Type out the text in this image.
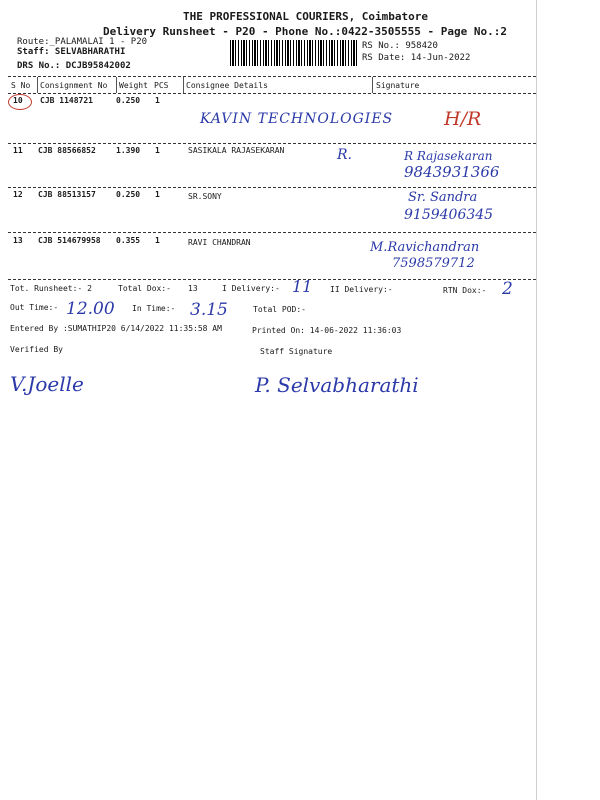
THE PROFESSIONAL COURIERS, Coimbatore
Delivery Runsheet - P20 - Phone No.:0422-3505555 - Page No.:2
Route:_PALAMALAI 1 - P20
Staff: SELVABHARATHI
DRS No.: DCJB95842002
RS No.: 958420
RS Date: 14-Jun-2022
S No Consignment No Weight PCS Consignee Details	Signature
10 CJB 1148721	0.250 1
KAVIN TECHNOLOGIES	H/R
11 CJB 88566852	1.390 1	SASIKALA RAJASEKARAN	R.	R Rajasekaran
9843931366
12 CJB 88513157	0.250 1	SR.SONY	Sr. Sandra
9159406345
13 CJB 514679958 0.355 1	RAVI CHANDRAN	M.Ravichandran
7598579712
Tot. Runsheet:- 2	Total Dox:- 13	I Delivery:- 11 II Delivery:-	RTN Dox:- 2
Out Time:- 12.00 In Time:- 3.15	Total POD:-
Entered By :SUMATHIP20 6/14/2022 11:35:58 AM	Printed On: 14-06-2022 11:36:03
Verified By	Staff Signature
V.Joelle	P. Selvabharathi
